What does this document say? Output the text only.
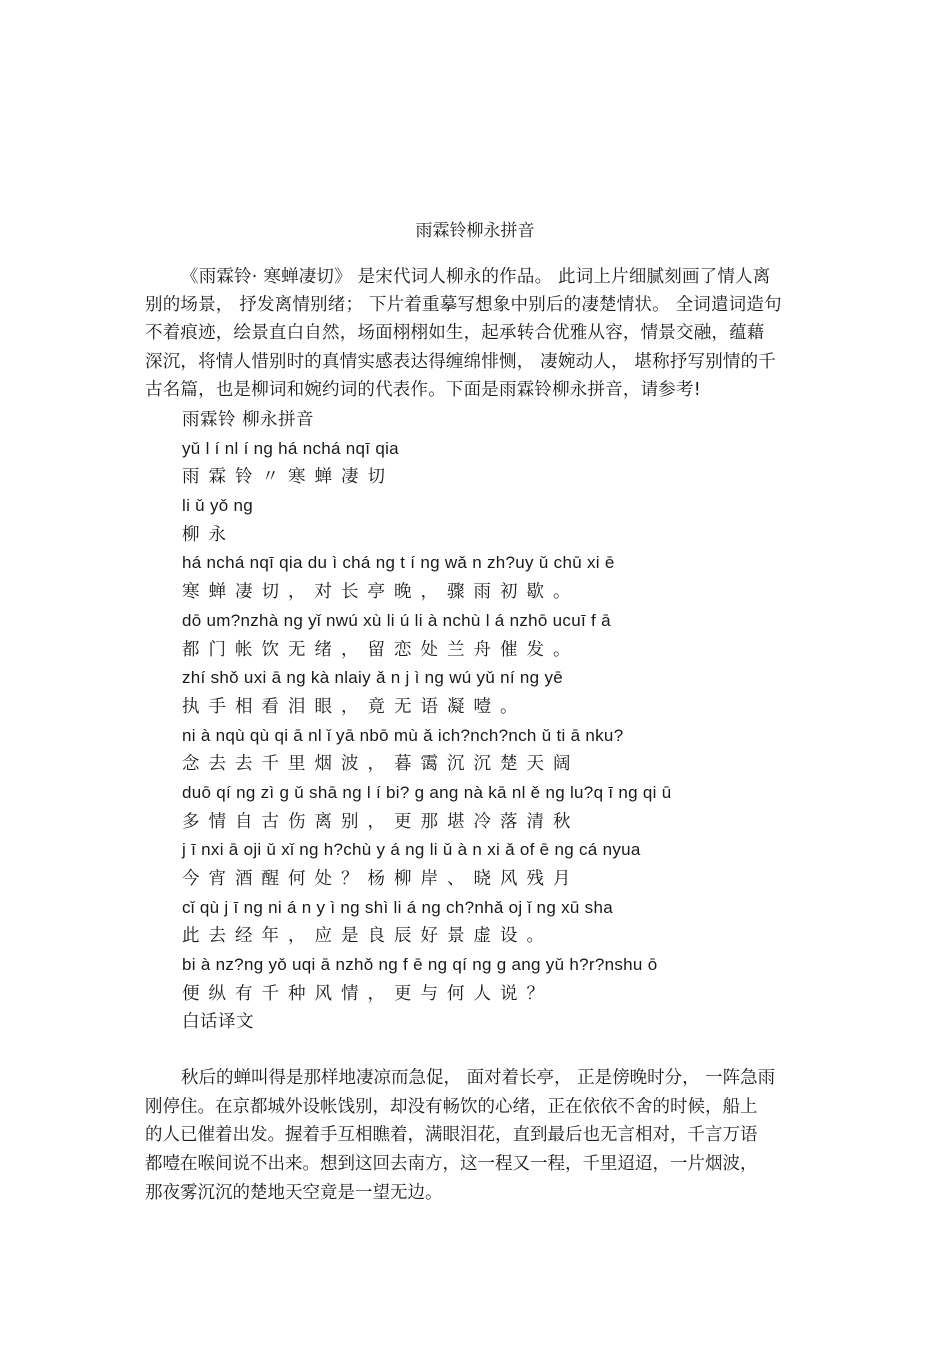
雨霖铃柳永拼音
《雨霖铃· 寒蝉凄切》 是宋代词人柳永的作品。 此词上片细腻刻画了情人离
别的场景， 抒发离情别绪； 下片着重摹写想象中别后的凄楚情状。 全词遣词造句
不着痕迹，绘景直白自然，场面栩栩如生，起承转合优雅从容，情景交融，蕴藉
深沉，将情人惜别时的真情实感表达得缠绵悱恻， 凄婉动人， 堪称抒写别情的千
古名篇，也是柳词和婉约词的代表作。下面是雨霖铃柳永拼音，请参考!
雨霖铃 柳永拼音
yǔ l í nl í ng há nchá nqī qia
雨霖铃〃寒蝉凄切
li ǔ yǒ ng
柳永
há nchá nqī qia du ì chá ng t í ng wǎ n zh?uy ǔ chū xi ē
寒蝉凄切，对长亭晚，骤雨初歇。
dō um?nzhà ng yǐ nwú xù li ú li à nchù l á nzhō ucuī f ā
都门帐饮无绪，留恋处兰舟催发。
zhí shǒ uxi ā ng kà nlaiy ǎ n j ì ng wú yǔ ní ng yē
执手相看泪眼，竟无语凝噎。
ni à nqù qù qi ā nl ǐ yā nbō mù ǎ ich?nch?nch ǔ ti ā nku?
念去去千里烟波，暮霭沉沉楚天阔
duō qí ng zì g ǔ shā ng l í bi? g ang nà kā nl ě ng lu?q ī ng qi ū
多情自古伤离别，更那堪冷落清秋
j ī nxi ā oji ǔ xǐ ng h?chù y á ng li ǔ à n xi ǎ of ē ng cá nyua
今宵酒醒何处？杨柳岸、晓风残月
cǐ qù j ī ng ni á n y ì ng shì li á ng ch?nhǎ oj ǐ ng xū sha
此去经年，应是良辰好景虚设。
bi à nz?ng yǒ uqi ā nzhǒ ng f ē ng qí ng g ang yǔ h?r?nshu ō
便纵有千种风情，更与何人说？
白话译文
秋后的蝉叫得是那样地凄凉而急促， 面对着长亭， 正是傍晚时分， 一阵急雨
刚停住。在京都城外设帐饯别，却没有畅饮的心绪，正在依依不舍的时候，船上
的人已催着出发。握着手互相瞧着，满眼泪花，直到最后也无言相对，千言万语
都噎在喉间说不出来。想到这回去南方，这一程又一程，千里迢迢，一片烟波，
那夜雾沉沉的楚地天空竟是一望无边。
